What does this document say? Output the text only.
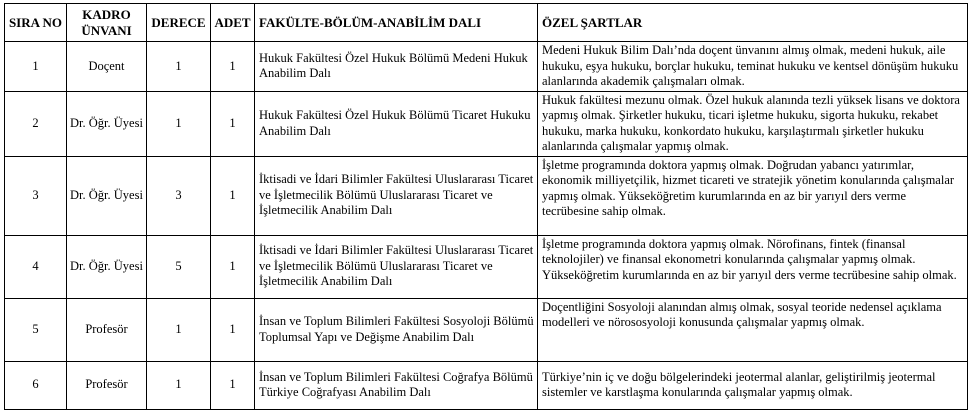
SIRA NO	KADRO ÜNVANI	DERECE	ADET	FAKÜLTE-BÖLÜM-ANABİLİM DALI	ÖZEL ŞARTLAR
1	Doçent	1	1	Hukuk Fakültesi Özel Hukuk Bölümü Medeni Hukuk Anabilim Dalı	Medeni Hukuk Bilim Dalı’nda doçent ünvanını almış olmak, medeni hukuk, aile hukuku, eşya hukuku, borçlar hukuku, teminat hukuku ve kentsel dönüşüm hukuku alanlarında akademik çalışmaları olmak.
2	Dr. Öğr. Üyesi	1	1	Hukuk Fakültesi Özel Hukuk Bölümü Ticaret Hukuku Anabilim Dalı	Hukuk fakültesi mezunu olmak. Özel hukuk alanında tezli yüksek lisans ve doktora yapmış olmak. Şirketler hukuku, ticari işletme hukuku, sigorta hukuku, rekabet hukuku, marka hukuku, konkordato hukuku, karşılaştırmalı şirketler hukuku alanlarında çalışmalar yapmış olmak.
3	Dr. Öğr. Üyesi	3	1	İktisadi ve İdari Bilimler Fakültesi Uluslararası Ticaret ve İşletmecilik Bölümü Uluslararası Ticaret ve İşletmecilik Anabilim Dalı	İşletme programında doktora yapmış olmak. Doğrudan yabancı yatırımlar, ekonomik milliyetçilik, hizmet ticareti ve stratejik yönetim konularında çalışmalar yapmış olmak. Yükseköğretim kurumlarında en az bir yarıyıl ders verme tecrübesine sahip olmak.
4	Dr. Öğr. Üyesi	5	1	İktisadi ve İdari Bilimler Fakültesi Uluslararası Ticaret ve İşletmecilik Bölümü Uluslararası Ticaret ve İşletmecilik Anabilim Dalı	İşletme programında doktora yapmış olmak. Nörofinans, fintek (finansal teknolojiler) ve finansal ekonometri konularında çalışmalar yapmış olmak. Yükseköğretim kurumlarında en az bir yarıyıl ders verme tecrübesine sahip olmak.
5	Profesör	1	1	İnsan ve Toplum Bilimleri Fakültesi Sosyoloji Bölümü Toplumsal Yapı ve Değişme Anabilim Dalı	Doçentliğini Sosyoloji alanından almış olmak, sosyal teoride nedensel açıklama modelleri ve nörososyoloji konusunda çalışmalar yapmış olmak.
6	Profesör	1	1	İnsan ve Toplum Bilimleri Fakültesi Coğrafya Bölümü Türkiye Coğrafyası Anabilim Dalı	Türkiye’nin iç ve doğu bölgelerindeki jeotermal alanlar, geliştirilmiş jeotermal sistemler ve karstlaşma konularında çalışmalar yapmış olmak.
